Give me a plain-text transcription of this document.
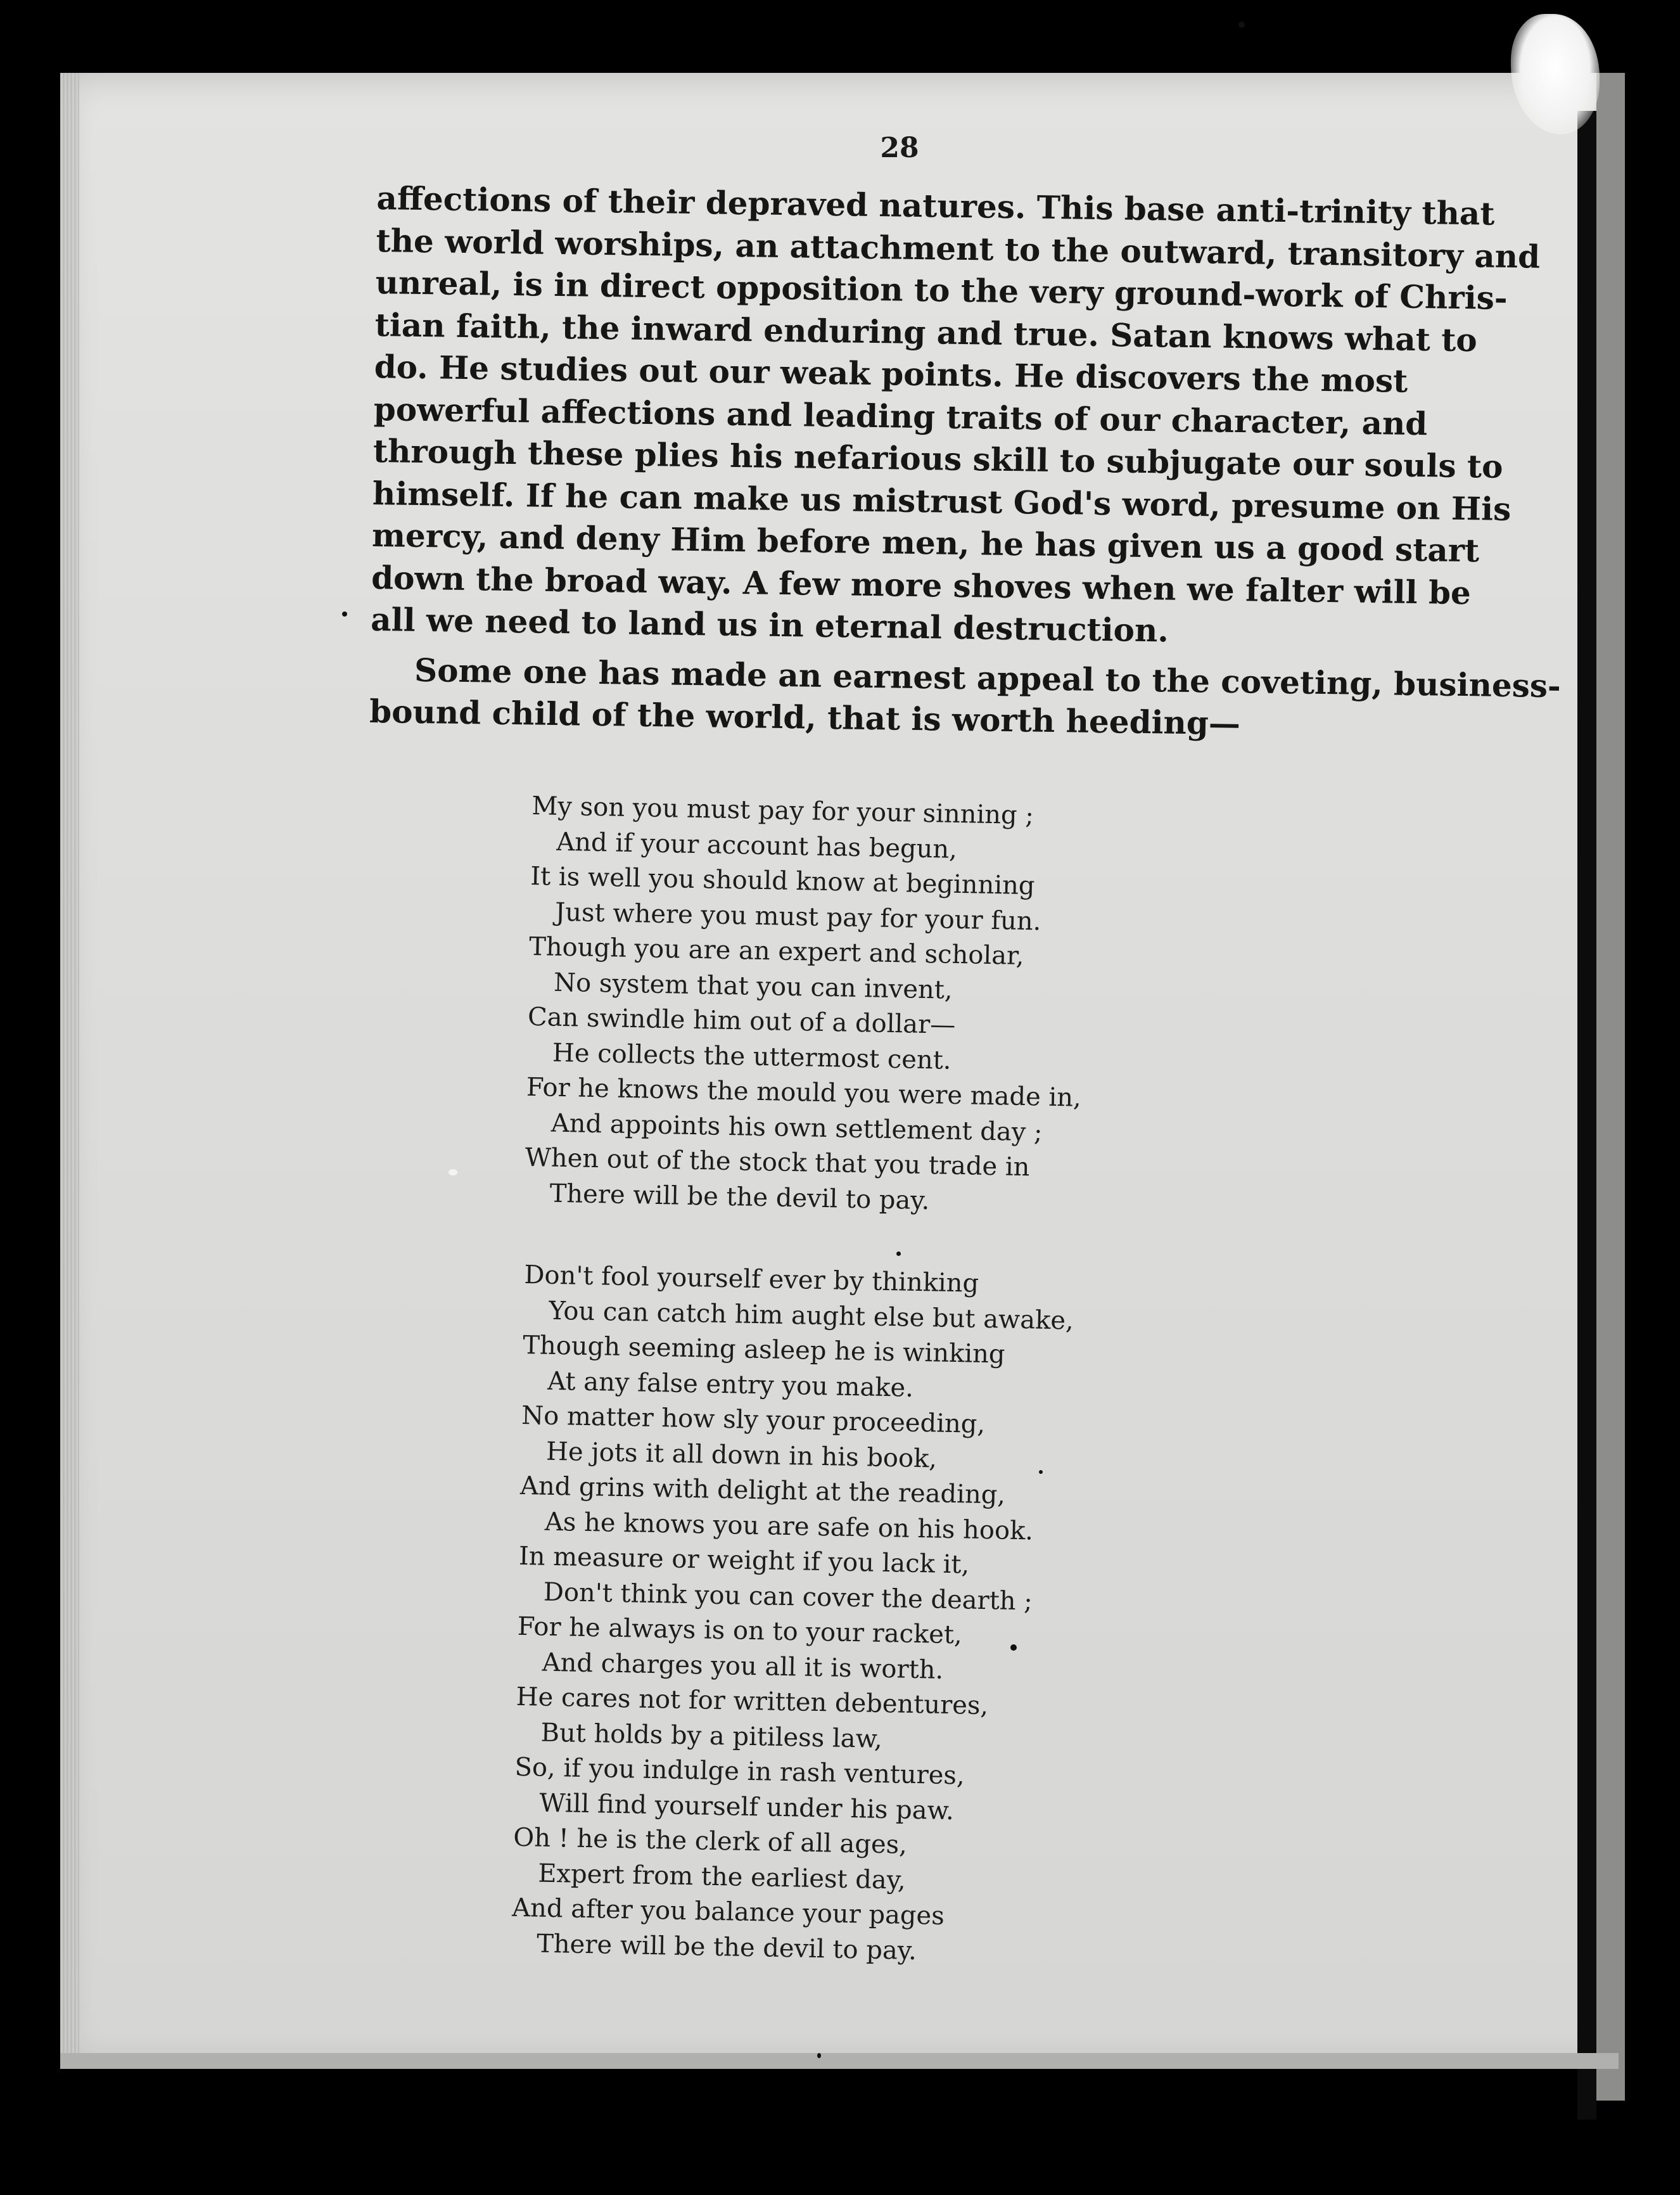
28
affections of their depraved natures. This base anti-trinity that
the world worships, an attachment to the outward, transitory and
unreal, is in direct opposition to the very ground-work of Chris-
tian faith, the inward enduring and true. Satan knows what to
do. He studies out our weak points. He discovers the most
powerful affections and leading traits of our character, and
through these plies his nefarious skill to subjugate our souls to
himself. If he can make us mistrust God's word, presume on His
mercy, and deny Him before men, he has given us a good start
down the broad way. A few more shoves when we falter will be
all we need to land us in eternal destruction.
Some one has made an earnest appeal to the coveting, business-
bound child of the world, that is worth heeding—
My son you must pay for your sinning ;
And if your account has begun,
It is well you should know at beginning
Just where you must pay for your fun.
Though you are an expert and scholar,
No system that you can invent,
Can swindle him out of a dollar—
He collects the uttermost cent.
For he knows the mould you were made in,
And appoints his own settlement day ;
When out of the stock that you trade in
There will be the devil to pay.
Don't fool yourself ever by thinking
You can catch him aught else but awake,
Though seeming asleep he is winking
At any false entry you make.
No matter how sly your proceeding,
He jots it all down in his book,
And grins with delight at the reading,
As he knows you are safe on his hook.
In measure or weight if you lack it,
Don't think you can cover the dearth ;
For he always is on to your racket,
And charges you all it is worth.
He cares not for written debentures,
But holds by a pitiless law,
So, if you indulge in rash ventures,
Will find yourself under his paw.
Oh ! he is the clerk of all ages,
Expert from the earliest day,
And after you balance your pages
There will be the devil to pay.
